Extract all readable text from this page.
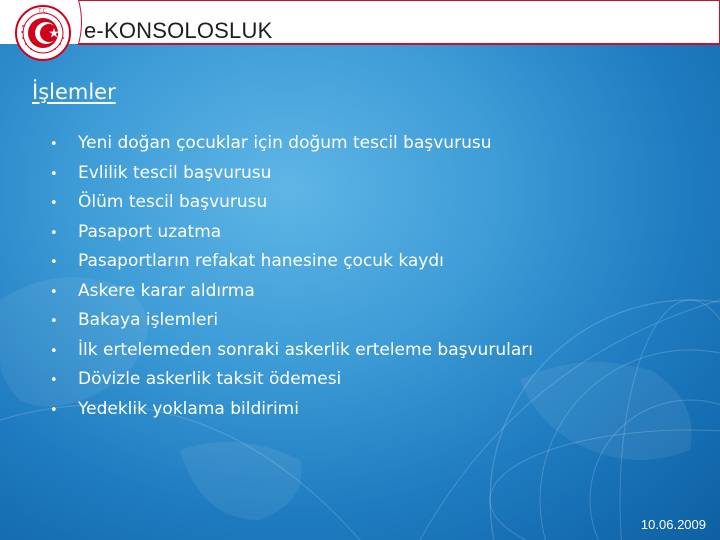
T.C.
e-KONSOLOSLUK
İşlemler
•	Yeni doğan çocuklar için doğum tescil başvurusu
•	Evlilik tescil başvurusu
•	Ölüm tescil başvurusu
•	Pasaport uzatma
•	Pasaportların refakat hanesine çocuk kaydı
•	Askere karar aldırma
•	Bakaya işlemleri
•	İlk ertelemeden sonraki askerlik erteleme başvuruları
•	Dövizle askerlik taksit ödemesi
•	Yedeklik yoklama bildirimi
10.06.2009
